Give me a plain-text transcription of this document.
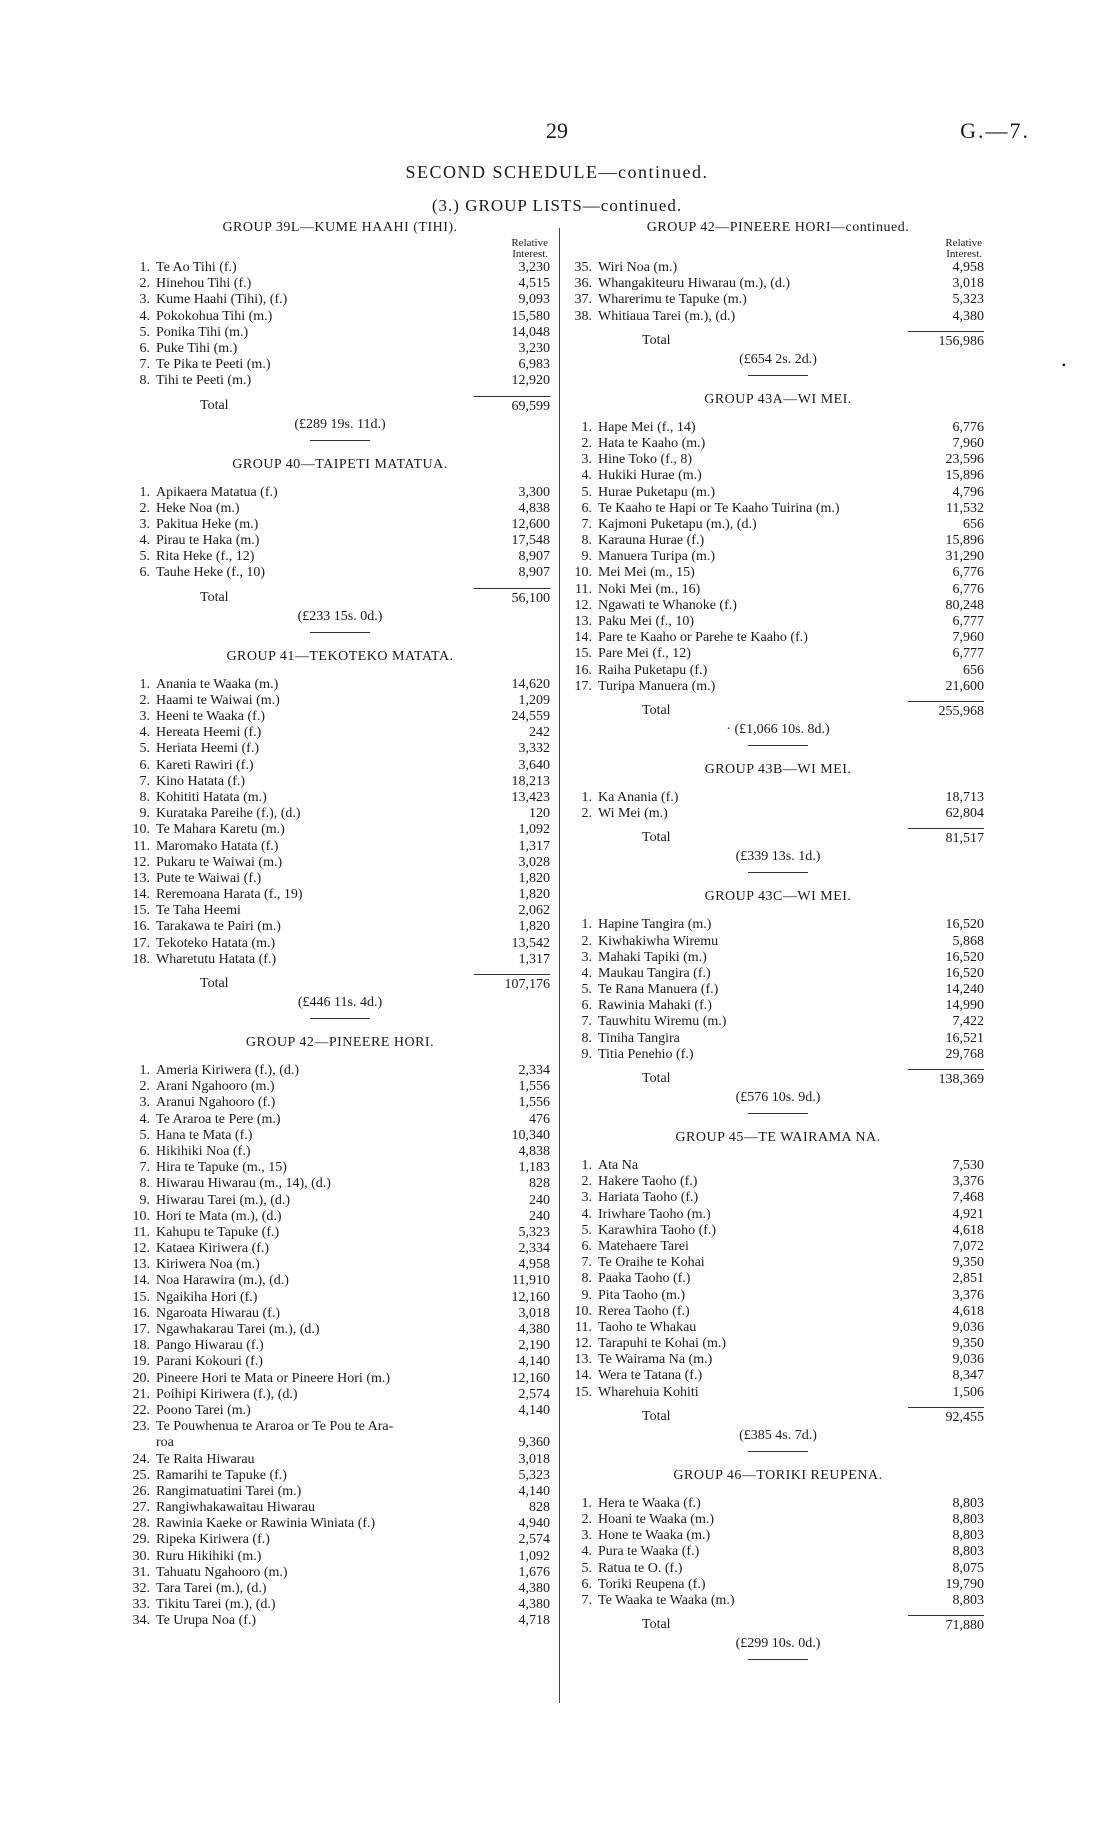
29	G.—7.
SECOND SCHEDULE—continued.
(3.) GROUP LISTS—continued.
•
GROUP 39L—KUME HAAHI (TIHI).
Relative
Interest.
1. Te Ao Tihi (f.)	3,230
2. Hinehou Tihi (f.)	4,515
3. Kume Haahi (Tihi), (f.)	9,093
4. Pokokohua Tihi (m.)	15,580
5. Ponika Tihi (m.)	14,048
6. Puke Tihi (m.)	3,230
7. Te Pika te Peeti (m.)	6,983
8. Tihi te Peeti (m.)	12,920
Total	69,599
(£289 19s. 11d.)
GROUP 40—TAIPETI MATATUA.
1. Apikaera Matatua (f.)	3,300
2. Heke Noa (m.)	4,838
3. Pakitua Heke (m.)	12,600
4. Pirau te Haka (m.)	17,548
5. Rita Heke (f., 12)	8,907
6. Tauhe Heke (f., 10)	8,907
Total	56,100
(£233 15s. 0d.)
GROUP 41—TEKOTEKO MATATA.
1. Anania te Waaka (m.)	14,620
2. Haami te Waiwai (m.)	1,209
3. Heeni te Waaka (f.)	24,559
4. Hereata Heemi (f.)	242
5. Heriata Heemi (f.)	3,332
6. Kareti Rawiri (f.)	3,640
7. Kino Hatata (f.)	18,213
8. Kohititi Hatata (m.)	13,423
9. Kurataka Pareihe (f.), (d.)	120
10. Te Mahara Karetu (m.)	1,092
11. Maromako Hatata (f.)	1,317
12. Pukaru te Waiwai (m.)	3,028
13. Pute te Waiwai (f.)	1,820
14. Reremoana Harata (f., 19)	1,820
15. Te Taha Heemi	2,062
16. Tarakawa te Pairi (m.)	1,820
17. Tekoteko Hatata (m.)	13,542
18. Wharetutu Hatata (f.)	1,317
Total	107,176
(£446 11s. 4d.)
GROUP 42—PINEERE HORI.
1. Ameria Kiriwera (f.), (d.)	2,334
2. Arani Ngahooro (m.)	1,556
3. Aranui Ngahooro (f.)	1,556
4. Te Araroa te Pere (m.)	476
5. Hana te Mata (f.)	10,340
6. Hikihiki Noa (f.)	4,838
7. Hira te Tapuke (m., 15)	1,183
8. Hiwarau Hiwarau (m., 14), (d.)	828
9. Hiwarau Tarei (m.), (d.)	240
10. Hori te Mata (m.), (d.)	240
11. Kahupu te Tapuke (f.)	5,323
12. Kataea Kiriwera (f.)	2,334
13. Kiriwera Noa (m.)	4,958
14. Noa Harawira (m.), (d.)	11,910
15. Ngaikiha Hori (f.)	12,160
16. Ngaroata Hiwarau (f.)	3,018
17. Ngawhakarau Tarei (m.), (d.)	4,380
18. Pango Hiwarau (f.)	2,190
19. Parani Kokouri (f.)	4,140
20. Pineere Hori te Mata or Pineere Hori (m.)	12,160
21. Poihipi Kiriwera (f.), (d.)	2,574
22. Poono Tarei (m.)	4,140
23. Te Pouwhenua te Araroa or Te Pou te Ara-
roa	9,360
24. Te Raita Hiwarau	3,018
25. Ramarihi te Tapuke (f.)	5,323
26. Rangimatuatini Tarei (m.)	4,140
27. Rangiwhakawaitau Hiwarau	828
28. Rawinia Kaeke or Rawinia Winiata (f.)	4,940
29. Ripeka Kiriwera (f.)	2,574
30. Ruru Hikihiki (m.)	1,092
31. Tahuatu Ngahooro (m.)	1,676
32. Tara Tarei (m.), (d.)	4,380
33. Tikitu Tarei (m.), (d.)	4,380
34. Te Urupa Noa (f.)	4,718
GROUP 42—PINEERE HORI—continued.
Relative
Interest.
35. Wiri Noa (m.)	4,958
36. Whangakiteuru Hiwarau (m.), (d.)	3,018
37. Wharerimu te Tapuke (m.)	5,323
38. Whitiaua Tarei (m.), (d.)	4,380
Total	156,986
(£654 2s. 2d.)
GROUP 43A—WI MEI.
1. Hape Mei (f., 14)	6,776
2. Hata te Kaaho (m.)	7,960
3. Hine Toko (f., 8)	23,596
4. Hukiki Hurae (m.)	15,896
5. Hurae Puketapu (m.)	4,796
6. Te Kaaho te Hapi or Te Kaaho Tuirina (m.)	11,532
7. Kajmoni Puketapu (m.), (d.)	656
8. Karauna Hurae (f.)	15,896
9. Manuera Turipa (m.)	31,290
10. Mei Mei (m., 15)	6,776
11. Noki Mei (m., 16)	6,776
12. Ngawati te Whanoke (f.)	80,248
13. Paku Mei (f., 10)	6,777
14. Pare te Kaaho or Parehe te Kaaho (f.)	7,960
15. Pare Mei (f., 12)	6,777
16. Raiha Puketapu (f.)	656
17. Turipa Manuera (m.)	21,600
Total	255,968
· (£1,066 10s. 8d.)
GROUP 43B—WI MEI.
1. Ka Anania (f.)	18,713
2. Wi Mei (m.)	62,804
Total	81,517
(£339 13s. 1d.)
GROUP 43C—WI MEI.
1. Hapine Tangira (m.)	16,520
2. Kiwhakiwha Wiremu	5,868
3. Mahaki Tapiki (m.)	16,520
4. Maukau Tangira (f.)	16,520
5. Te Rana Manuera (f.)	14,240
6. Rawinia Mahaki (f.)	14,990
7. Tauwhitu Wiremu (m.)	7,422
8. Tiniha Tangira	16,521
9. Titia Penehio (f.)	29,768
Total	138,369
(£576 10s. 9d.)
GROUP 45—TE WAIRAMA NA.
1. Ata Na	7,530
2. Hakere Taoho (f.)	3,376
3. Hariata Taoho (f.)	7,468
4. Iriwhare Taoho (m.)	4,921
5. Karawhira Taoho (f.)	4,618
6. Matehaere Tarei	7,072
7. Te Oraihe te Kohai	9,350
8. Paaka Taoho (f.)	2,851
9. Pita Taoho (m.)	3,376
10. Rerea Taoho (f.)	4,618
11. Taoho te Whakau	9,036
12. Tarapuhi te Kohai (m.)	9,350
13. Te Wairama Na (m.)	9,036
14. Wera te Tatana (f.)	8,347
15. Wharehuia Kohiti	1,506
Total	92,455
(£385 4s. 7d.)
GROUP 46—TORIKI REUPENA.
1. Hera te Waaka (f.)	8,803
2. Hoani te Waaka (m.)	8,803
3. Hone te Waaka (m.)	8,803
4. Pura te Waaka (f.)	8,803
5. Ratua te O. (f.)	8,075
6. Toriki Reupena (f.)	19,790
7. Te Waaka te Waaka (m.)	8,803
Total	71,880
(£299 10s. 0d.)
